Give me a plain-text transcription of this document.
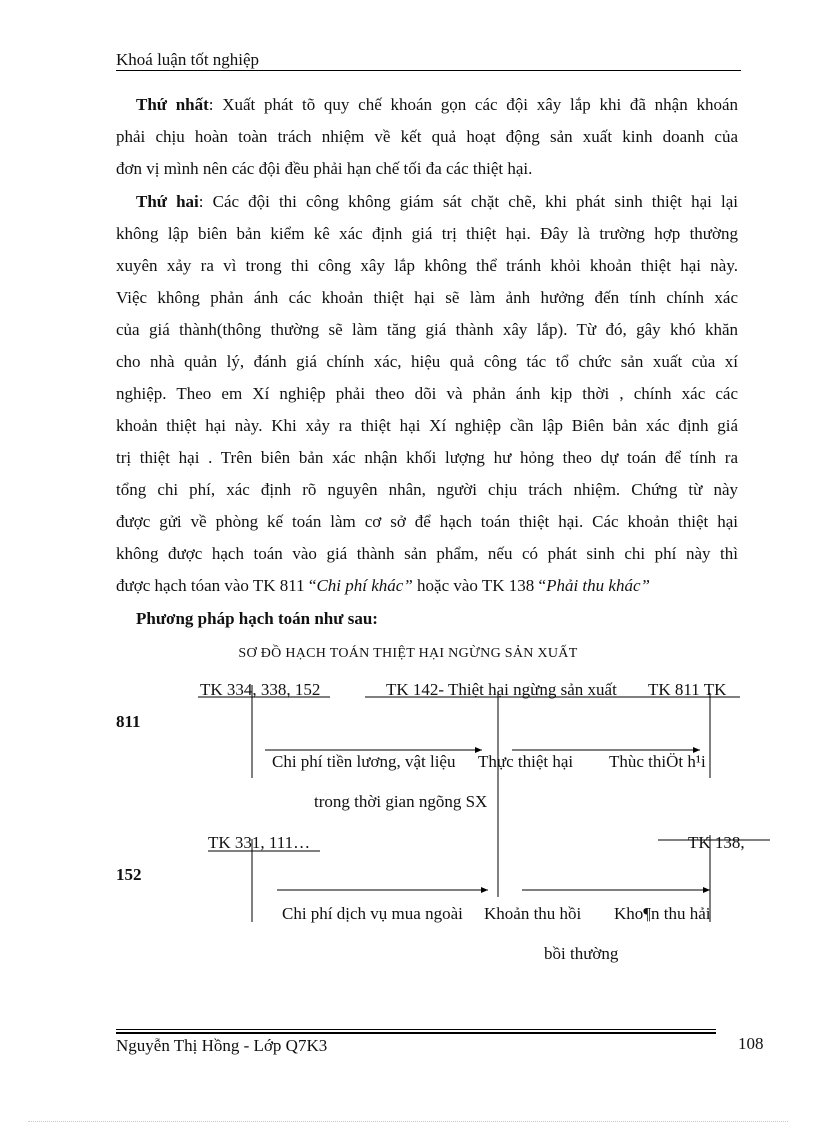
Khoá luận tốt nghiệp
Thứ nhất: Xuất phát tõ quy chế khoán gọn các đội xây lắp khi đã nhận khoán
phải chịu hoàn toàn trách nhiệm về kết quả hoạt động sản xuất kinh doanh của
đơn vị mình nên các đội đều phải hạn chế tối đa các thiệt hại.
Thứ hai: Các đội thi công không giám sát chặt chẽ, khi phát sinh thiệt hại lại
không lập biên bản kiểm kê xác định giá trị thiệt hại. Đây là trường hợp thường
xuyên xảy ra vì trong thi công xây lắp không thể tránh khỏi khoản thiệt hại này.
Việc không phản ánh các khoản thiệt hại sẽ làm ảnh hưởng đến tính chính xác
của giá thành(thông thường sẽ làm tăng giá thành xây lắp). Từ đó, gây khó khăn
cho nhà quản lý, đánh giá chính xác, hiệu quả công tác tổ chức sản xuất của xí
nghiệp. Theo em Xí nghiệp phải theo dõi và phản ánh kịp thời , chính xác các
khoản thiệt hại này. Khi xảy ra thiệt hại Xí nghiệp cần lập Biên bản xác định giá
trị thiệt hại . Trên biên bản xác nhận khối lượng hư hỏng theo dự toán để tính ra
tổng chi phí, xác định rõ nguyên nhân, người chịu trách nhiệm. Chứng từ này
được gửi về phòng kế toán làm cơ sở để hạch toán thiệt hại. Các khoản thiệt hại
không được hạch toán vào giá thành sản phẩm, nếu có phát sinh chi phí này thì
được hạch tóan vào TK 811 “Chi phí khác” hoặc vào TK 138 “Phải thu khác”
Phương pháp hạch toán như sau:
SƠ ĐỒ HẠCH TOÁN THIỆT HẠI NGỪNG SẢN XUẤT
TK 334, 338, 152	TK 142- Thiệt hại ngừng sản xuất TK 811 TK
811
Chi phí tiền lương, vật liệu Thực thiệt hại Thùc thiÖt h¹i
trong thời gian ngõng SX
TK 331, 111…	TK 138,
152
Chi phí dịch vụ mua ngoài Khoản thu hồi Kho¶n thu hải
bồi thường
Nguyễn Thị Hồng - Lớp Q7K3	108
